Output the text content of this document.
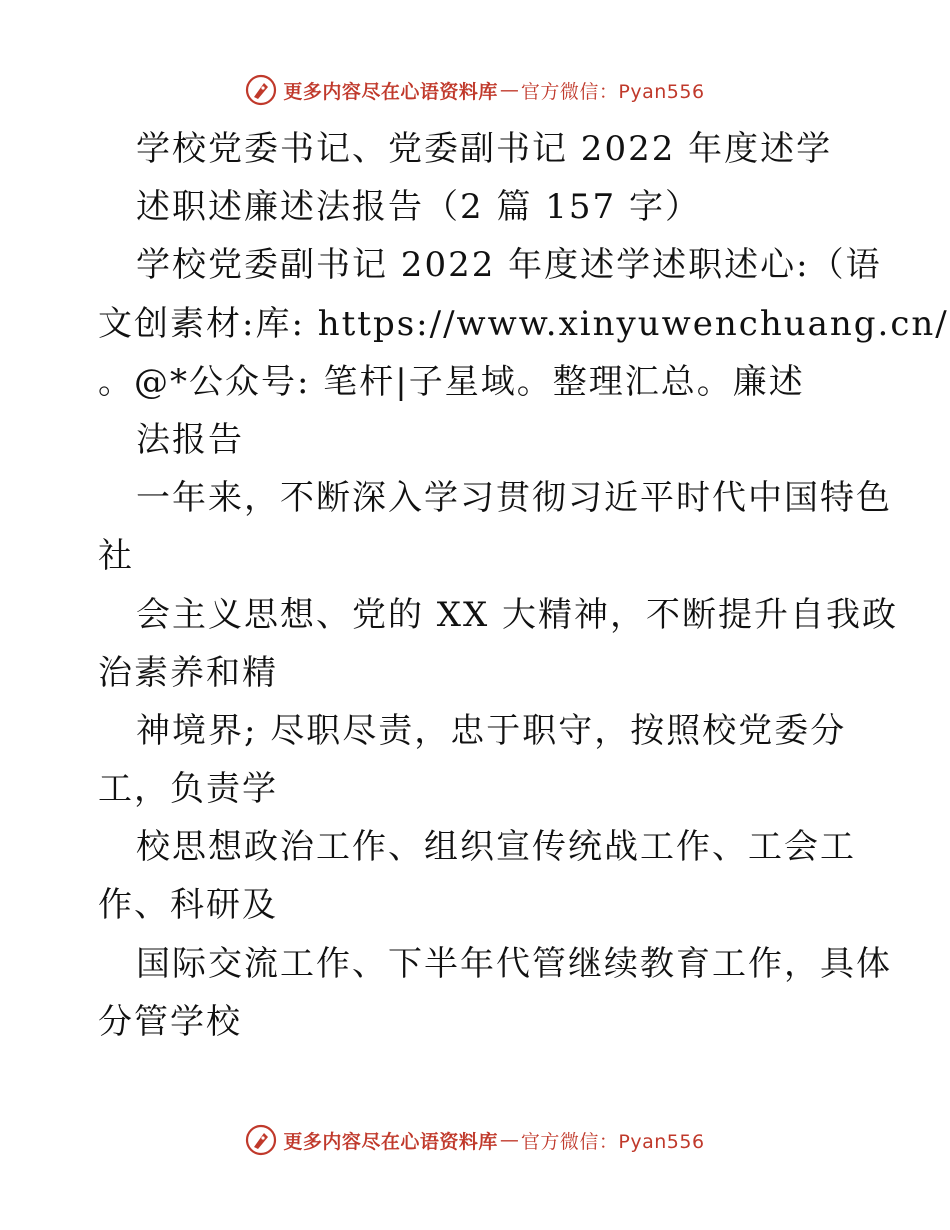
更多内容尽在心语资料库 — 官方微信：Pyan556
学校党委书记、党委副书记 2022 年度述学
述职述廉述法报告（2 篇 157 字）
学校党委副书记 2022 年度述学述职述心:（语
文创素材:库: https://www.xinyuwenchuang.cn/
。@*公众号: 笔杆|子星域。整理汇总。廉述
法报告
一年来，不断深入学习贯彻习近平时代中国特色
社
会主义思想、党的 XX 大精神，不断提升自我政
治素养和精
神境界; 尽职尽责，忠于职守，按照校党委分
工，负责学
校思想政治工作、组织宣传统战工作、工会工
作、科研及
国际交流工作、下半年代管继续教育工作，具体
分管学校
更多内容尽在心语资料库 — 官方微信：Pyan556
